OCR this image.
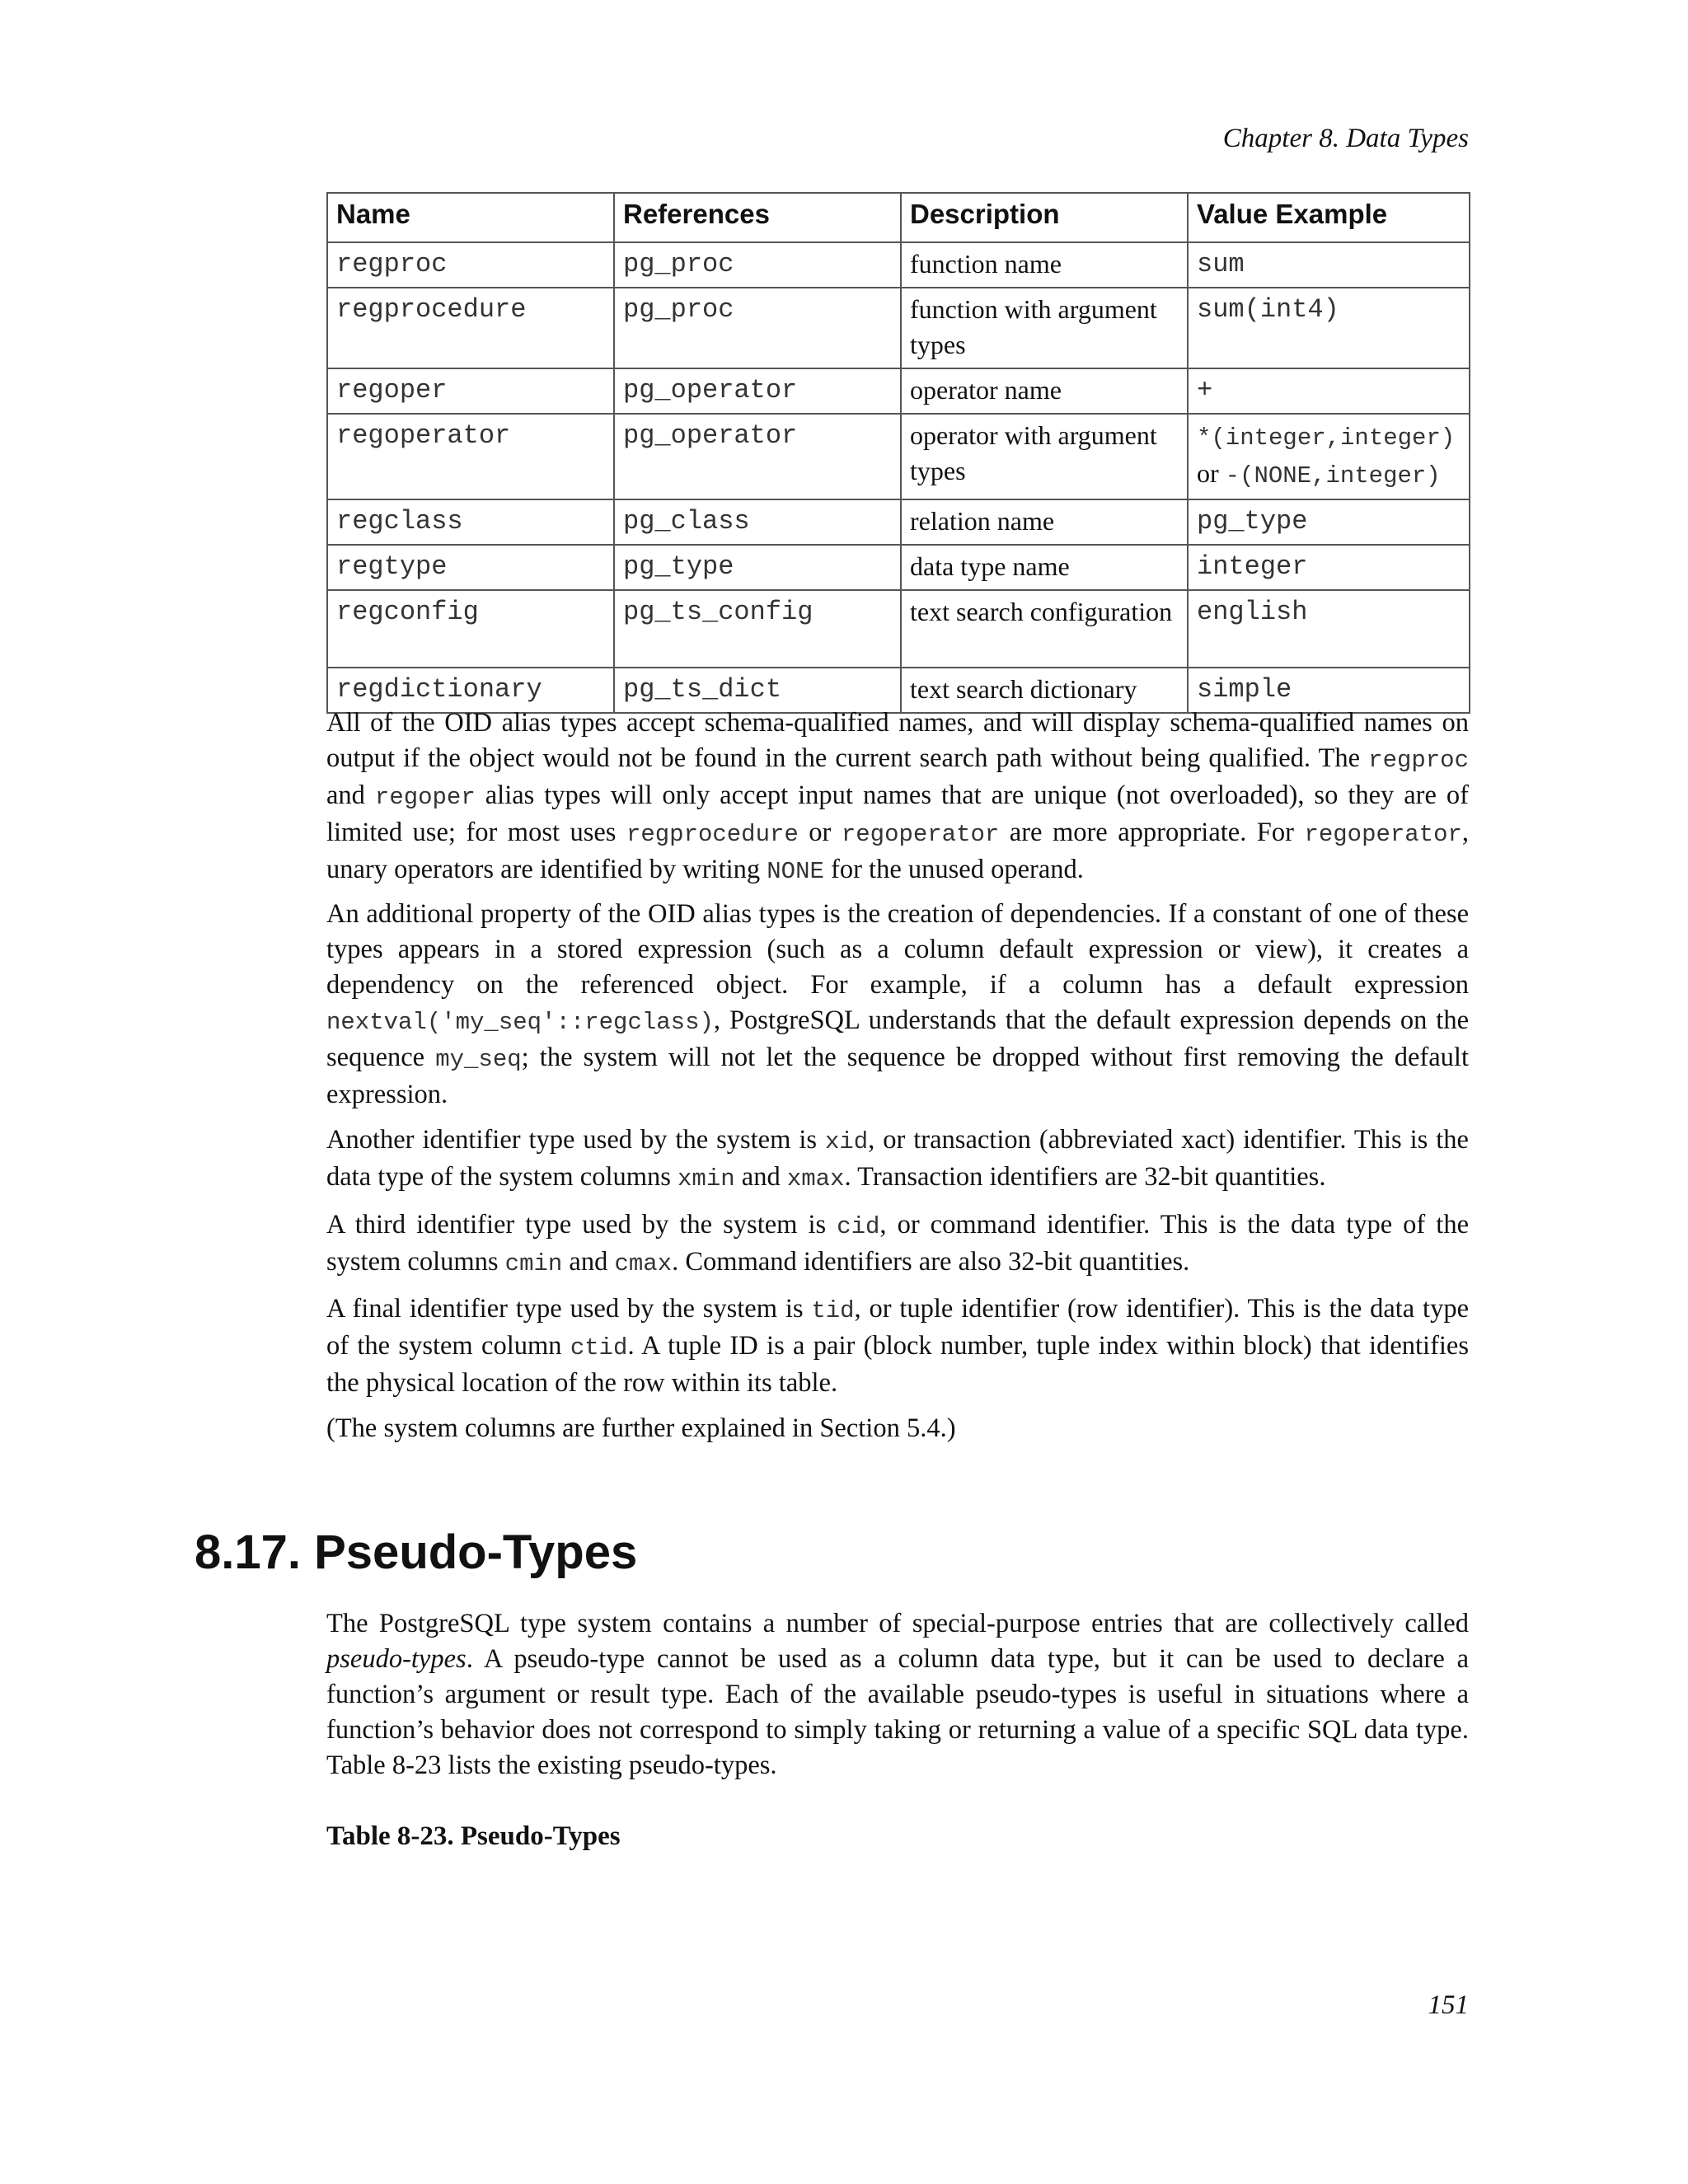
Chapter 8. Data Types
Name	References	Description	Value Example
regproc	pg_proc	function name	sum
regprocedure	pg_proc	function with argument types	sum(int4)
regoper	pg_operator	operator name	+
regoperator	pg_operator	operator with argument types	*(integer,integer)
or -(NONE,integer)
regclass	pg_class	relation name	pg_type
regtype	pg_type	data type name	integer
regconfig	pg_ts_config	text search configuration	english
regdictionary	pg_ts_dict	text search dictionary	simple

All of the OID alias types accept schema-qualified names, and will display schema-qualified names on output if the object would not be found in the current search path without being qualified. The regproc and regoper alias types will only accept input names that are unique (not overloaded), so they are of limited use; for most uses regprocedure or regoperator are more appropriate. For regoperator, unary operators are identified by writing NONE for the unused operand.

An additional property of the OID alias types is the creation of dependencies. If a constant of one of these types appears in a stored expression (such as a column default expression or view), it creates a dependency on the referenced object. For example, if a column has a default expression nextval('my_seq'::regclass), PostgreSQL understands that the default expression depends on the sequence my_seq; the system will not let the sequence be dropped without first removing the default expression.

Another identifier type used by the system is xid, or transaction (abbreviated xact) identifier. This is the data type of the system columns xmin and xmax. Transaction identifiers are 32-bit quantities.

A third identifier type used by the system is cid, or command identifier. This is the data type of the system columns cmin and cmax. Command identifiers are also 32-bit quantities.

A final identifier type used by the system is tid, or tuple identifier (row identifier). This is the data type of the system column ctid. A tuple ID is a pair (block number, tuple index within block) that identifies the physical location of the row within its table.

(The system columns are further explained in Section 5.4.)

8.17. Pseudo-Types

The PostgreSQL type system contains a number of special-purpose entries that are collectively called pseudo-types. A pseudo-type cannot be used as a column data type, but it can be used to declare a function’s argument or result type. Each of the available pseudo-types is useful in situations where a function’s behavior does not correspond to simply taking or returning a value of a specific SQL data type. Table 8-23 lists the existing pseudo-types.

Table 8-23. Pseudo-Types
151
